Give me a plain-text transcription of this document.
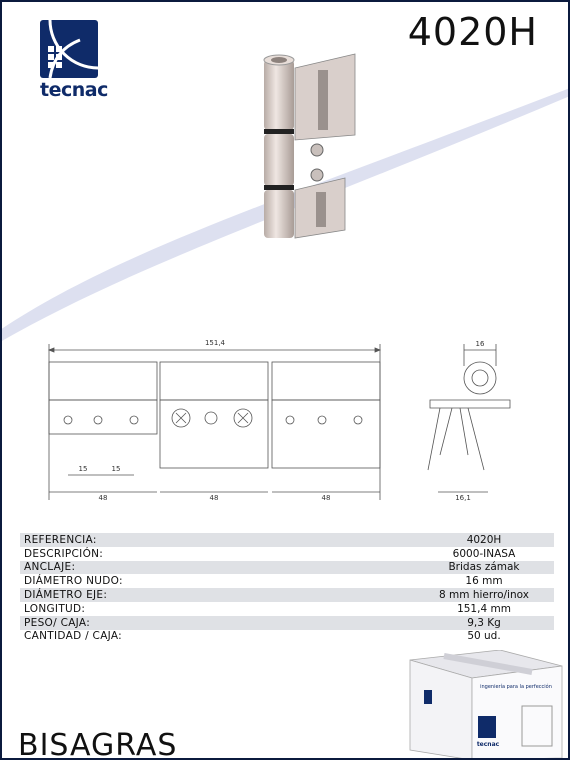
tecnac
4020H
151,4
15	15
48	48	48
16
16,1
REFERENCIA:	4020H
DESCRIPCIÓN:	6000-INASA
ANCLAJE:	Bridas zámak
DIÁMETRO NUDO:	16 mm
DIÁMETRO EJE:	8 mm hierro/inox
LONGITUD:	151,4 mm
PESO/ CAJA:	9,3 Kg
CANTIDAD / CAJA:	50 ud.
ingeniería para la perfección
tecnac
BISAGRAS
